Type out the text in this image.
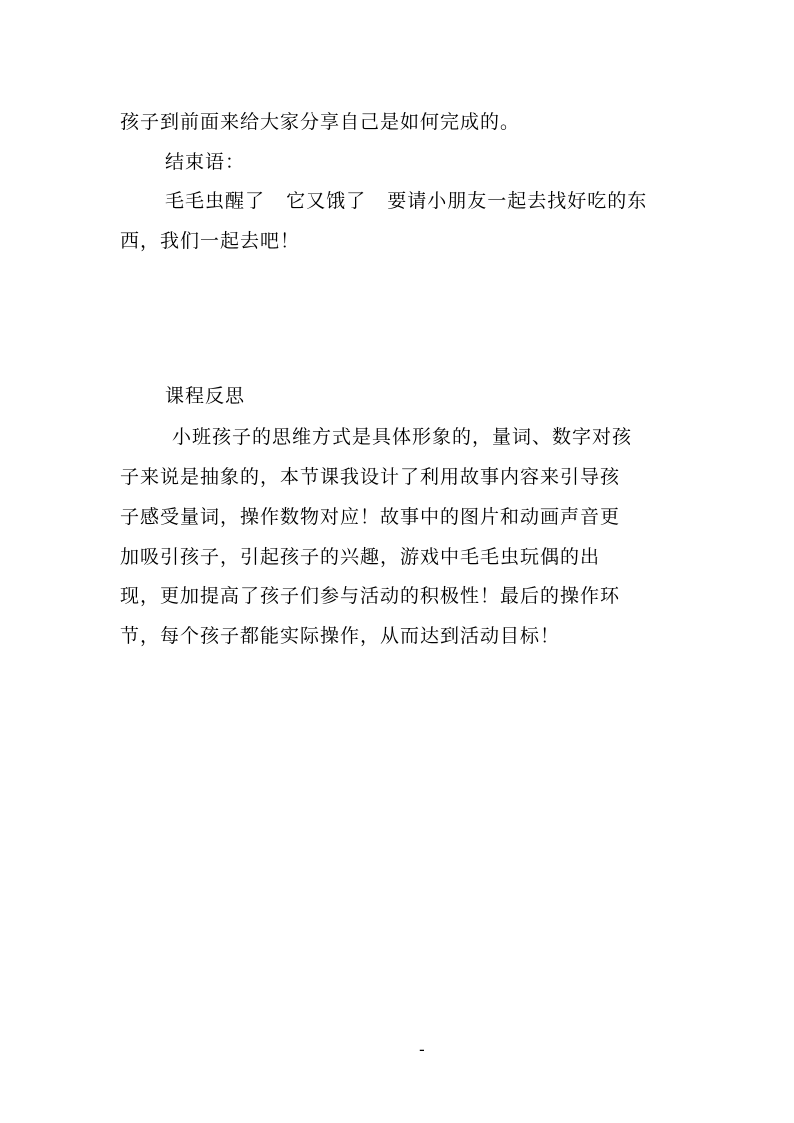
孩子到前面来给大家分享自己是如何完成的。
结束语：
毛毛虫醒了   它又饿了   要请小朋友一起去找好吃的东
西，我们一起去吧！
课程反思
小班孩子的思维方式是具体形象的，量词、数字对孩
子来说是抽象的，本节课我设计了利用故事内容来引导孩
子感受量词，操作数物对应！故事中的图片和动画声音更
加吸引孩子，引起孩子的兴趣，游戏中毛毛虫玩偶的出
现，更加提高了孩子们参与活动的积极性！最后的操作环
节，每个孩子都能实际操作，从而达到活动目标！
-
